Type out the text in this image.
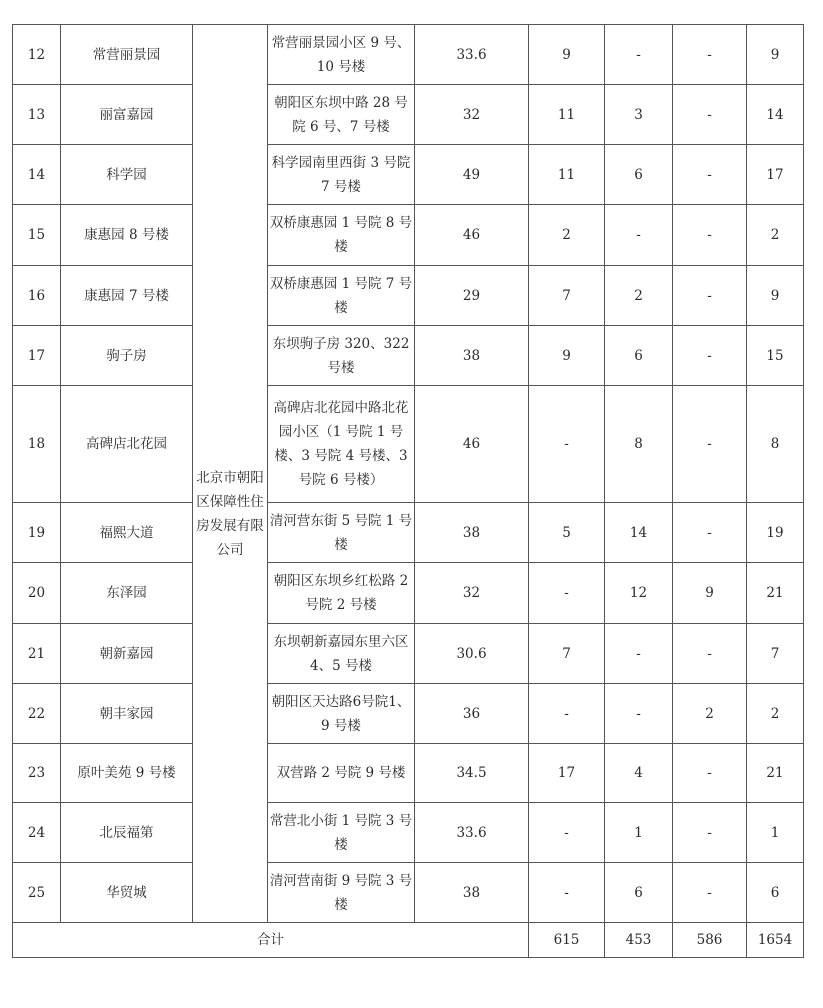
12	常营丽景园	北京市朝阳区保障性住房发展有限公司	常营丽景园小区 9 号、10 号楼	33.6	9	-	-	9
13	丽富嘉园		朝阳区东坝中路 28 号院 6 号、7 号楼	32	11	3	-	14
14	科学园		科学园南里西街 3 号院 7 号楼	49	11	6	-	17
15	康惠园 8 号楼		双桥康惠园 1 号院 8 号楼	46	2	-	-	2
16	康惠园 7 号楼		双桥康惠园 1 号院 7 号楼	29	7	2	-	9
17	驹子房		东坝驹子房 320、322 号楼	38	9	6	-	15
18	高碑店北花园		高碑店北花园中路北花园小区（1 号院 1 号楼、3 号院 4 号楼、3 号院 6 号楼）	46	-	8	-	8
19	福熙大道		清河营东街 5 号院 1 号楼	38	5	14	-	19
20	东泽园		朝阳区东坝乡红松路 2 号院 2 号楼	32	-	12	9	21
21	朝新嘉园		东坝朝新嘉园东里六区 4、5 号楼	30.6	7	-	-	7
22	朝丰家园		朝阳区天达路6号院1、9 号楼	36	-	-	2	2
23	原叶美苑 9 号楼		双营路 2 号院 9 号楼	34.5	17	4	-	21
24	北辰福第		常营北小街 1 号院 3 号楼	33.6	-	1	-	1
25	华贸城		清河营南街 9 号院 3 号楼	38	-	6	-	6
合计					615	453	586	1654
